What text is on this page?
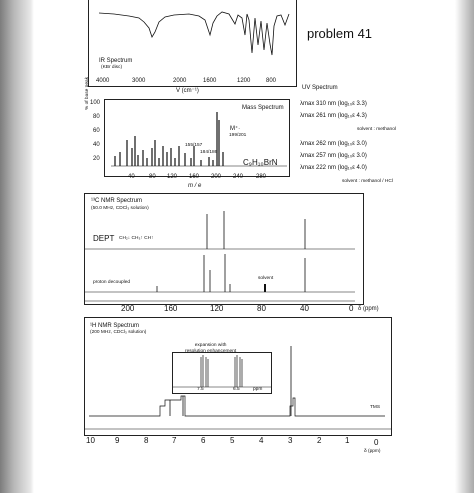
problem 41
IR Spectrum
(KBr disc)
4000	3000	2000	1600	1200	800
V (cm⁻¹)	UV Spectrum
λmax 310 nm (log₁₀ε 3.3)
λmax 261 nm (log₁₀ε 4.3)
solvent : methanol
λmax 262 nm (log₁₀ε 3.0)
λmax 257 nm (log₁₀ε 3.0)
λmax 222 nm (log₁₀ε 4.0)
solvent : methanol / HCl
Mass Spectrum
M⁺·
199/201
155/157
184/186
C₉H₁₀BrN
% of base peak 100
80
60
40
20
40 80 120 160 200 240 280
m / e
¹³C NMR Spectrum
(50.0 MHz, CDCl₃ solution)
DEPT CH₂↓ CH₃↑ CH↑
proton decoupled
solvent
200	160	120	80	40	0 δ (ppm)
¹H NMR Spectrum
(200 MHz, CDCl₃ solution)
expansion with
resolution enhancement
7.5	6.5	ppm
TMS
10	9	8	7	6	5	4	3	2	1	0
δ (ppm)
